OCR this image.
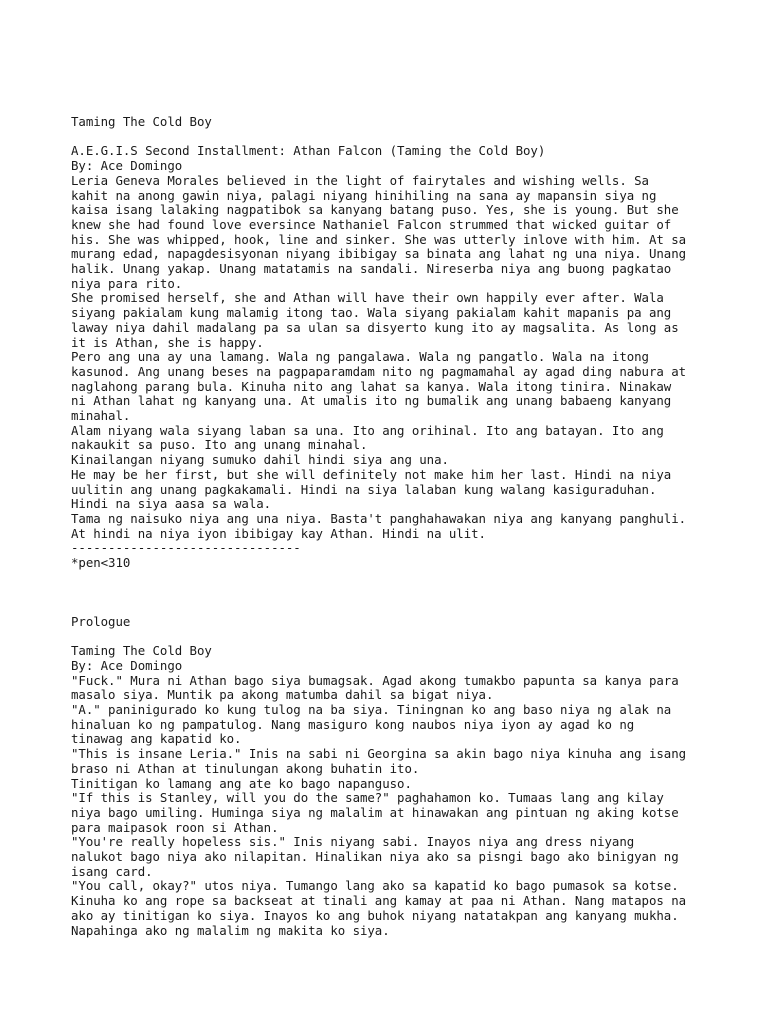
Taming The Cold Boy
A.E.G.I.S Second Installment: Athan Falcon (Taming the Cold Boy)
By: Ace Domingo
Leria Geneva Morales believed in the light of fairytales and wishing wells. Sa
kahit na anong gawin niya, palagi niyang hinihiling na sana ay mapansin siya ng
kaisa isang lalaking nagpatibok sa kanyang batang puso. Yes, she is young. But she
knew she had found love eversince Nathaniel Falcon strummed that wicked guitar of
his. She was whipped, hook, line and sinker. She was utterly inlove with him. At sa
murang edad, napagdesisyonan niyang ibibigay sa binata ang lahat ng una niya. Unang
halik. Unang yakap. Unang matatamis na sandali. Nireserba niya ang buong pagkatao
niya para rito.
She promised herself, she and Athan will have their own happily ever after. Wala
siyang pakialam kung malamig itong tao. Wala siyang pakialam kahit mapanis pa ang
laway niya dahil madalang pa sa ulan sa disyerto kung ito ay magsalita. As long as
it is Athan, she is happy.
Pero ang una ay una lamang. Wala ng pangalawa. Wala ng pangatlo. Wala na itong
kasunod. Ang unang beses na pagpaparamdam nito ng pagmamahal ay agad ding nabura at
naglahong parang bula. Kinuha nito ang lahat sa kanya. Wala itong tinira. Ninakaw
ni Athan lahat ng kanyang una. At umalis ito ng bumalik ang unang babaeng kanyang
minahal.
Alam niyang wala siyang laban sa una. Ito ang orihinal. Ito ang batayan. Ito ang
nakaukit sa puso. Ito ang unang minahal.
Kinailangan niyang sumuko dahil hindi siya ang una.
He may be her first, but she will definitely not make him her last. Hindi na niya
uulitin ang unang pagkakamali. Hindi na siya lalaban kung walang kasiguraduhan.
Hindi na siya aasa sa wala.
Tama ng naisuko niya ang una niya. Basta't panghahawakan niya ang kanyang panghuli.
At hindi na niya iyon ibibigay kay Athan. Hindi na ulit.
-------------------------------
*pen<310
Prologue
Taming The Cold Boy
By: Ace Domingo
"Fuck." Mura ni Athan bago siya bumagsak. Agad akong tumakbo papunta sa kanya para
masalo siya. Muntik pa akong matumba dahil sa bigat niya.
"A." paninigurado ko kung tulog na ba siya. Tiningnan ko ang baso niya ng alak na
hinaluan ko ng pampatulog. Nang masiguro kong naubos niya iyon ay agad ko ng
tinawag ang kapatid ko.
"This is insane Leria." Inis na sabi ni Georgina sa akin bago niya kinuha ang isang
braso ni Athan at tinulungan akong buhatin ito.
Tinitigan ko lamang ang ate ko bago napanguso.
"If this is Stanley, will you do the same?" paghahamon ko. Tumaas lang ang kilay
niya bago umiling. Huminga siya ng malalim at hinawakan ang pintuan ng aking kotse
para maipasok roon si Athan.
"You're really hopeless sis." Inis niyang sabi. Inayos niya ang dress niyang
nalukot bago niya ako nilapitan. Hinalikan niya ako sa pisngi bago ako binigyan ng
isang card.
"You call, okay?" utos niya. Tumango lang ako sa kapatid ko bago pumasok sa kotse.
Kinuha ko ang rope sa backseat at tinali ang kamay at paa ni Athan. Nang matapos na
ako ay tinitigan ko siya. Inayos ko ang buhok niyang natatakpan ang kanyang mukha.
Napahinga ako ng malalim ng makita ko siya.
